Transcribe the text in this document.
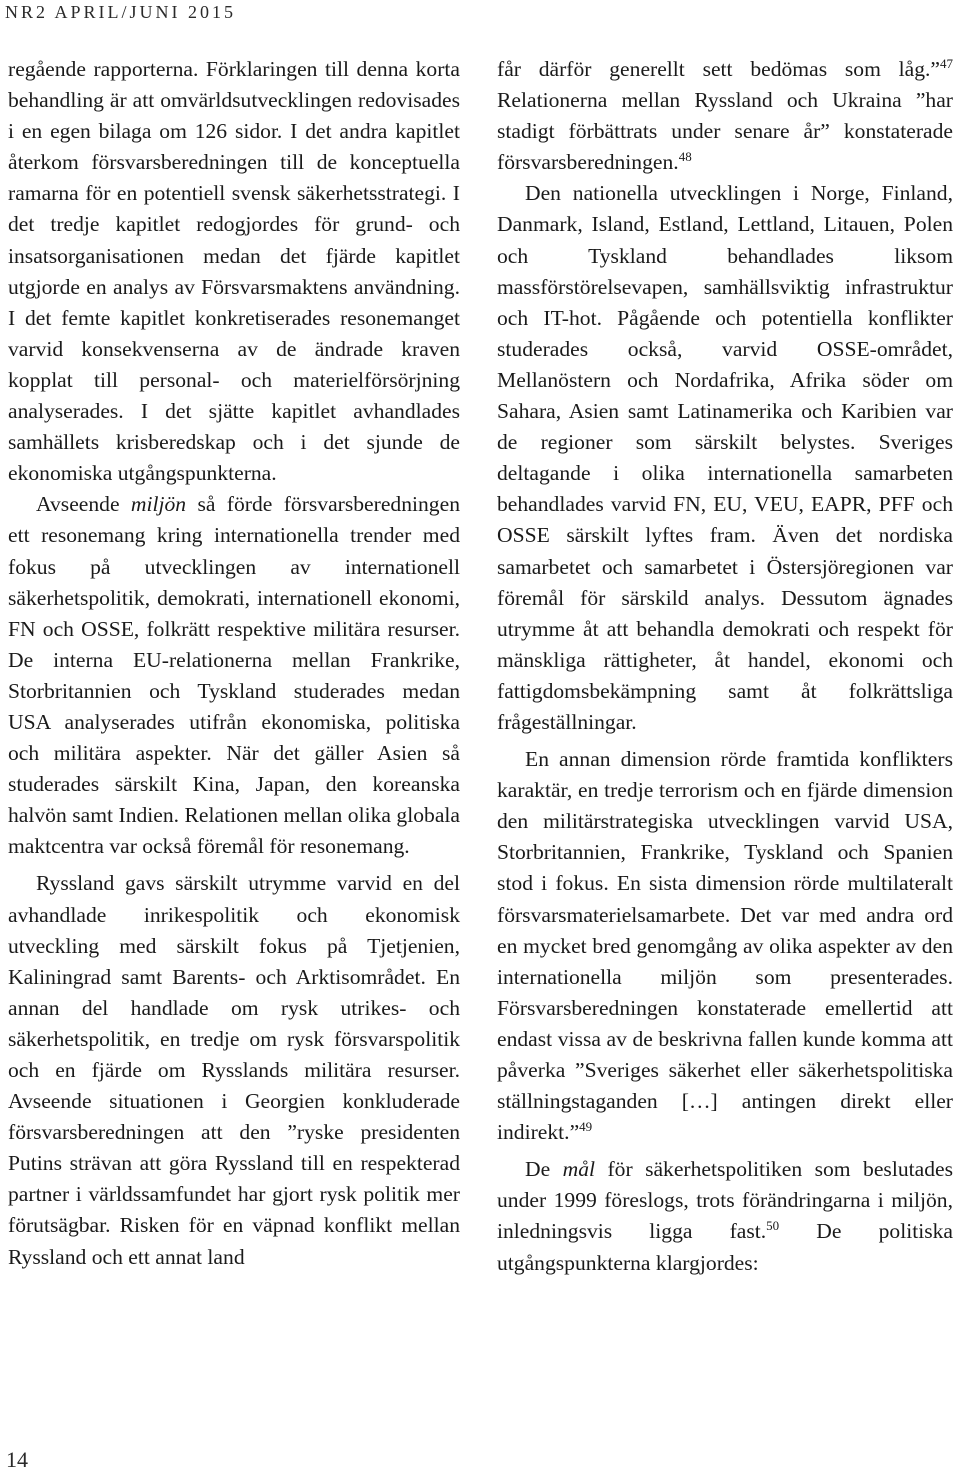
NR2 APRIL/JUNI 2015

regående rapporterna. Förklaringen till denna korta behandling är att omvärldsutvecklingen redovisades i en egen bilaga om 126 sidor. I det andra kapitlet återkom försvarsberedningen till de konceptuella ramarna för en potentiell svensk säkerhetsstrategi. I det tredje kapitlet redogjordes för grund- och insatsorganisationen medan det fjärde kapitlet utgjorde en analys av Försvarsmaktens användning. I det femte kapitlet konkretiserades resonemanget varvid konsekvenserna av de ändrade kraven kopplat till personal- och materielförsörjning analyserades. I det sjätte kapitlet avhandlades samhällets krisberedskap och i det sjunde de ekonomiska utgångspunkterna.

Avseende miljön så förde försvarsberedningen ett resonemang kring internationella trender med fokus på utvecklingen av internationell säkerhetspolitik, demokrati, internationell ekonomi, FN och OSSE, folkrätt respektive militära resurser. De interna EU-relationerna mellan Frankrike, Storbritannien och Tyskland studerades medan USA analyserades utifrån ekonomiska, politiska och militära aspekter. När det gäller Asien så studerades särskilt Kina, Japan, den koreanska halvön samt Indien. Relationen mellan olika globala maktcentra var också föremål för resonemang.

Ryssland gavs särskilt utrymme varvid en del avhandlade inrikespolitik och ekonomisk utveckling med särskilt fokus på Tjetjenien, Kaliningrad samt Barents- och Arktisområdet. En annan del handlade om rysk utrikes- och säkerhetspolitik, en tredje om rysk försvarspolitik och en fjärde om Rysslands militära resurser. Avseende situationen i Georgien konkluderade försvarsberedningen att den ”ryske presidenten Putins strävan att göra Ryssland till en respekterad partner i världssamfundet har gjort rysk politik mer förutsägbar. Risken för en väpnad konflikt mellan Ryssland och ett annat land

får därför generellt sett bedömas som låg.”$^{47}$ Relationerna mellan Ryssland och Ukraina ”har stadigt förbättrats under senare år” konstaterade försvarsberedningen.$^{48}$

Den nationella utvecklingen i Norge, Finland, Danmark, Island, Estland, Lettland, Litauen, Polen och Tyskland behandlades liksom massförstörelsevapen, samhällsviktig infrastruktur och IT-hot. Pågående och potentiella konflikter studerades också, varvid OSSE-området, Mellanöstern och Nordafrika, Afrika söder om Sahara, Asien samt Latinamerika och Karibien var de regioner som särskilt belystes. Sveriges deltagande i olika internationella samarbeten behandlades varvid FN, EU, VEU, EAPR, PFF och OSSE särskilt lyftes fram. Även det nordiska samarbetet och samarbetet i Östersjöregionen var föremål för särskild analys. Dessutom ägnades utrymme åt att behandla demokrati och respekt för mänskliga rättigheter, åt handel, ekonomi och fattigdomsbekämpning samt åt folkrättsliga frågeställningar.

En annan dimension rörde framtida konflikters karaktär, en tredje terrorism och en fjärde dimension den militärstrategiska utvecklingen varvid USA, Storbritannien, Frankrike, Tyskland och Spanien stod i fokus. En sista dimension rörde multilateralt försvarsmaterielsamarbete. Det var med andra ord en mycket bred genomgång av olika aspekter av den internationella miljön som presenterades. Försvarsberedningen konstaterade emellertid att endast vissa av de beskrivna fallen kunde komma att påverka ”Sveriges säkerhet eller säkerhetspolitiska ställningstaganden […] antingen direkt eller indirekt.”$^{49}$

De mål för säkerhetspolitiken som beslutades under 1999 föreslogs, trots förändringarna i miljön, inledningsvis ligga fast.$^{50}$ De politiska utgångspunkterna klargjordes:

14
